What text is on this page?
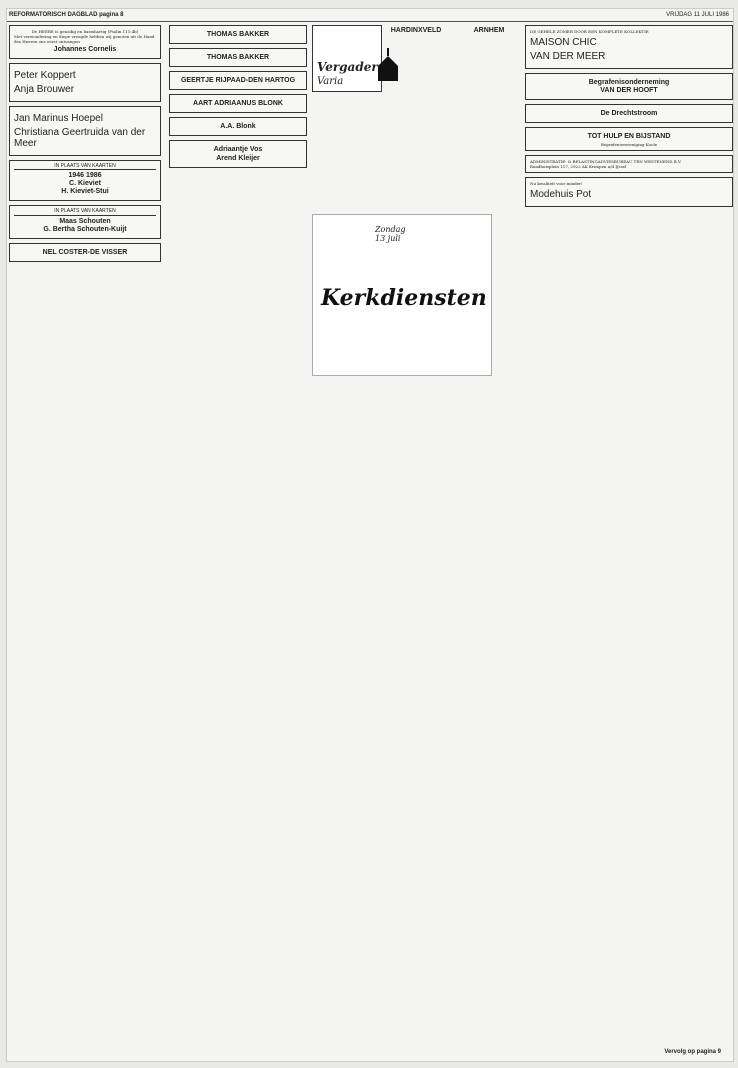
REFORMATORISCH DAGBLAD pagina 8	VRIJDAG 11 JULI 1986
De HEERE is genadig en barmhartig (Psalm 111:4b)
Met verwondering en diepe vreugde hebben wij genoten uit de Hand des Heeren ons eerst ontvangen
Johannes Cornelis
Peter Koppert
Anja Brouwer
Jan Marinus Hoepel
Christiana Geertruida van der Meer
IN PLAATS VAN KAARTEN
1946 1986
C. Kieviet
H. Kieviet-Stui
IN PLAATS VAN KAARTEN
Maas Schouten
G. Bertha Schouten-Kuijt
NEL COSTER-DE VISSER
THOMAS BAKKER
THOMAS BAKKER
GEERTJE RIJPAAD-DEN HARTOG
AART ADRIAANUS BLONK
A.A. Blonk
Adriaantje Vos
Arend Kleijer
Vergader
Varia
HARDINXVELD	ARNHEM	DE GEHELE ZOMER DOOR EEN KOMPLETE KOLLEKTIE
MAISON CHIC
VAN DER MEER
Begrafenisonderneming
VAN DER HOOFT
De Drechtstroom
TOT HULP EN BIJSTAND
Begrafenisvereniging Koole
ADMINISTRATIE- & BELASTINGADVIESBUREAU TEN WESTENEND B.V.
Raadhuisplein 117, 2922 AK Krimpen a/d IJssel
Nu kwaliteit voor minder!
Modehuis Pot
Zondag
13 juli
Kerkdiensten
Vervolg op pagina 9
